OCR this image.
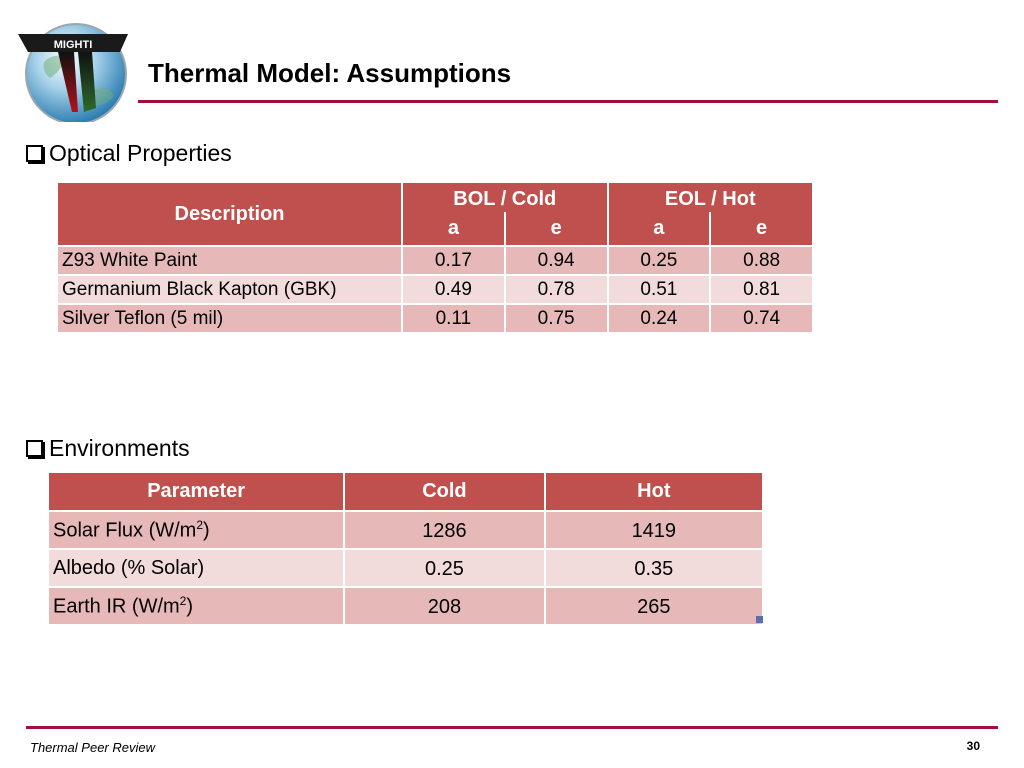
MIGHTI
Thermal Model: Assumptions
Optical Properties
Description	BOL / Cold		EOL / Hot	
	a	e	a	e
Z93 White Paint	0.17	0.94	0.25	0.88
Germanium Black Kapton (GBK)	0.49	0.78	0.51	0.81
Silver Teflon (5 mil)	0.11	0.75	0.24	0.74
Environments
Parameter	Cold	Hot
Solar Flux $(W/m^2)$	1286	1419
Albedo (% Solar)	0.25	0.35
Earth IR $(W/m^2)$	208	265
Thermal Peer Review	30
